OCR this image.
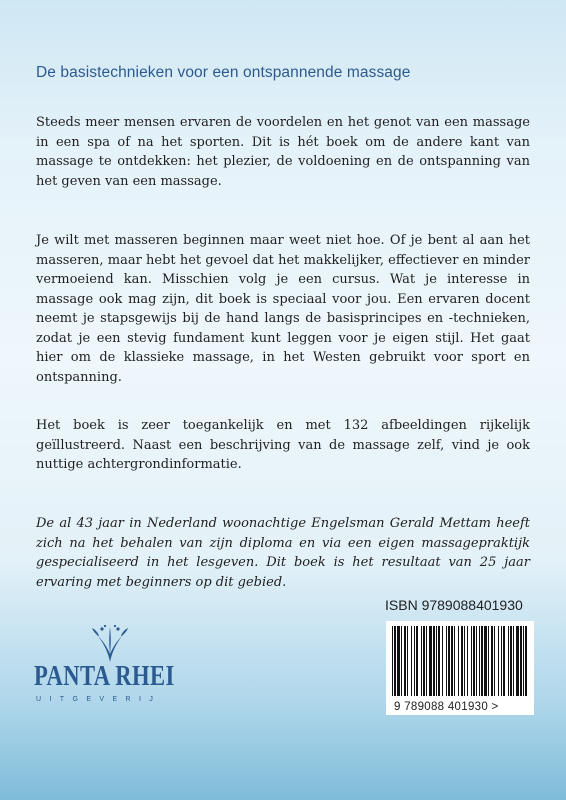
De basistechnieken voor een ontspannende massage

Steeds meer mensen ervaren de voordelen en het genot van een massage in een spa of na het sporten. Dit is hét boek om de andere kant van massage te ontdekken: het plezier, de voldoening en de ontspanning van het geven van een massage.

Je wilt met masseren beginnen maar weet niet hoe. Of je bent al aan het masseren, maar hebt het gevoel dat het makkelijker, effectiever en minder vermoeiend kan. Misschien volg je een cursus. Wat je interesse in massage ook mag zijn, dit boek is speciaal voor jou. Een ervaren docent neemt je stapsgewijs bij de hand langs de basisprincipes en -technieken, zodat je een stevig fundament kunt leggen voor je eigen stijl. Het gaat hier om de klassieke massage, in het Westen gebruikt voor sport en ontspanning.

Het boek is zeer toegankelijk en met 132 afbeeldingen rijkelijk geïllustreerd. Naast een beschrijving van de massage zelf, vind je ook nuttige achtergrondinformatie.

De al 43 jaar in Nederland woonachtige Engelsman Gerald Mettam heeft zich na het behalen van zijn diploma en via een eigen massagepraktijk gespecialiseerd in het lesgeven. Dit boek is het resultaat van 25 jaar ervaring met beginners op dit gebied.

ISBN 9789088401930
9 789088 401930 >
PANTA RHEI
UITGEVERIJ
